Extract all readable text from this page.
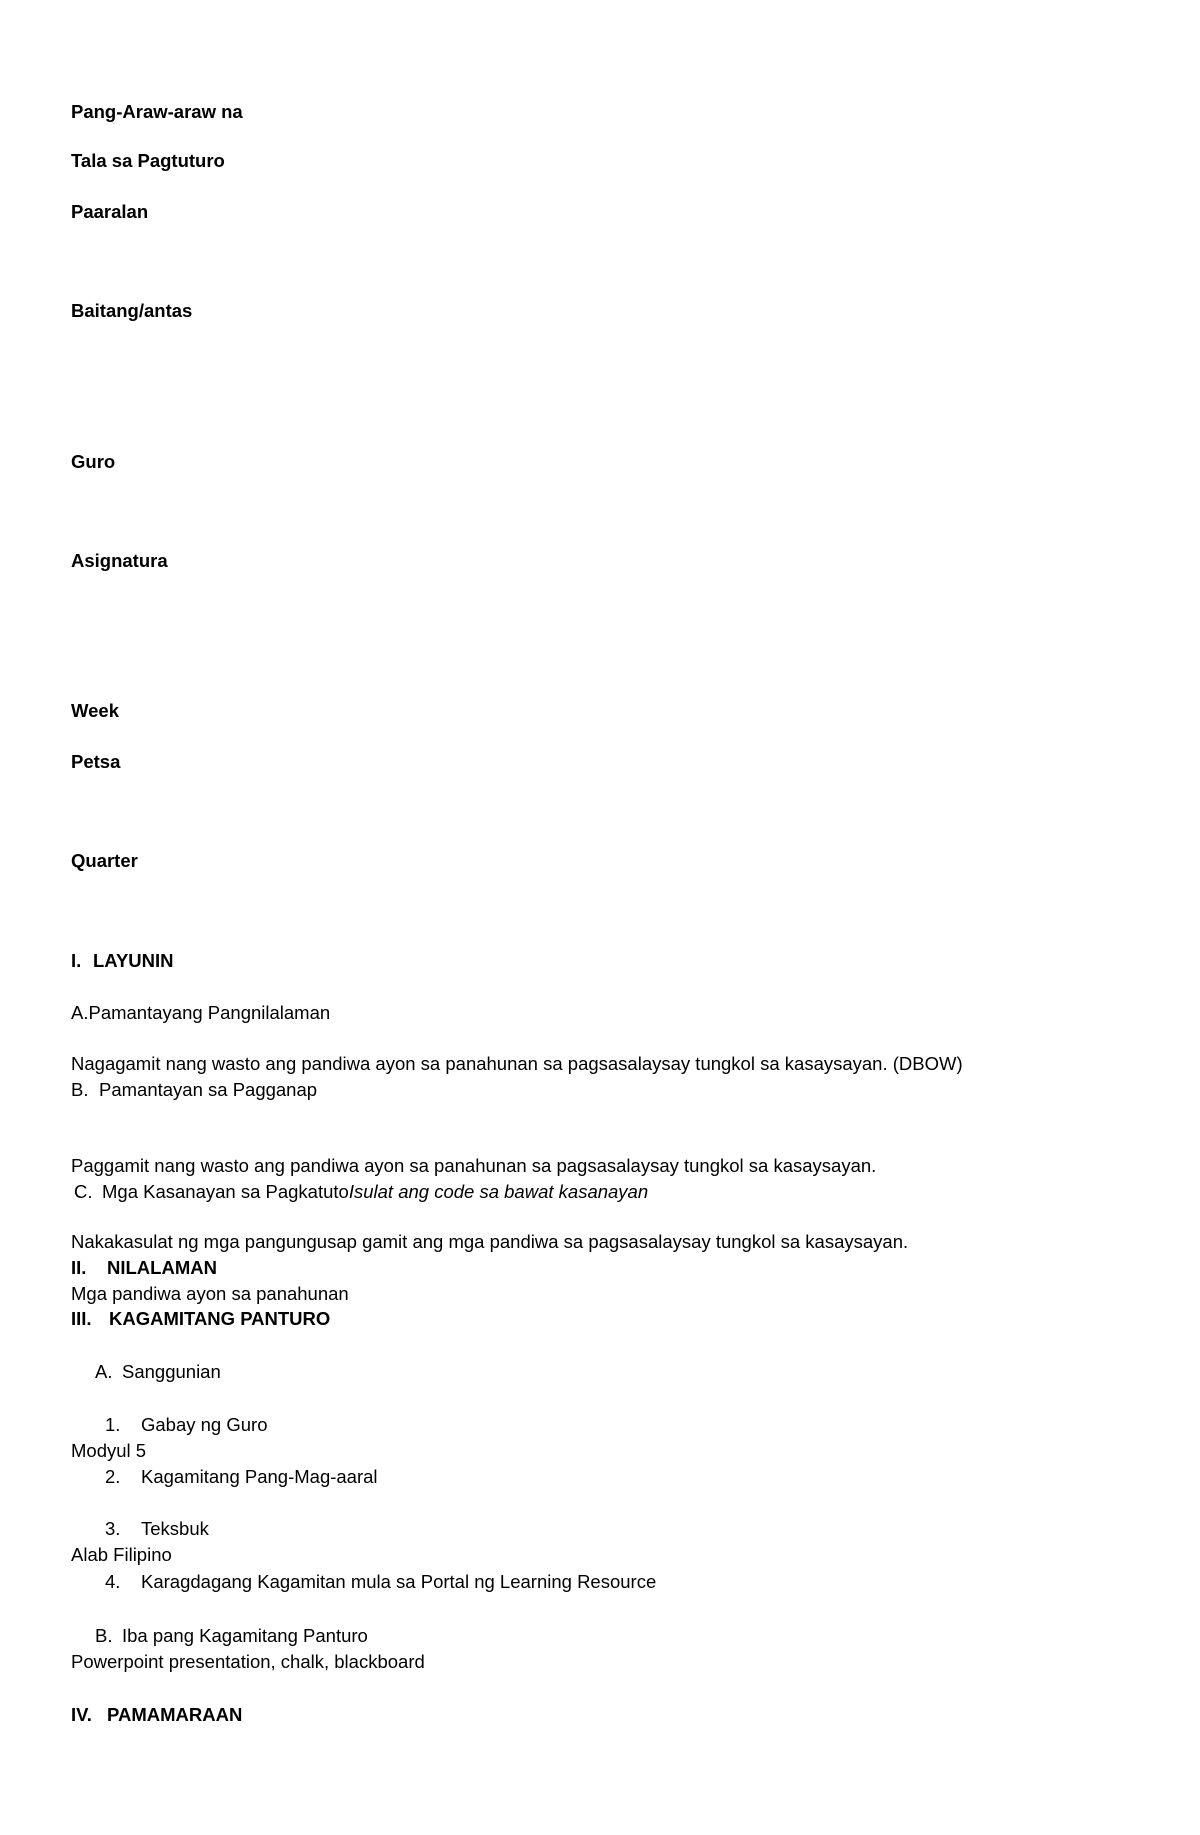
Pang-Araw-araw na
Tala sa Pagtuturo
Paaralan
Baitang/antas
Guro
Asignatura
Week
Petsa
Quarter
I. LAYUNIN
A.Pamantayang Pangnilalaman
Nagagamit nang wasto ang pandiwa ayon sa panahunan sa pagsasalaysay tungkol sa kasaysayan. (DBOW)
B. Pamantayan sa Pagganap
Paggamit nang wasto ang pandiwa ayon sa panahunan sa pagsasalaysay tungkol sa kasaysayan.
C. Mga Kasanayan sa PagkatutoIsulat ang code sa bawat kasanayan
Nakakasulat ng mga pangungusap gamit ang mga pandiwa sa pagsasalaysay tungkol sa kasaysayan.
II. NILALAMAN
Mga pandiwa ayon sa panahunan
III. KAGAMITANG PANTURO
A. Sanggunian
1. Gabay ng Guro
Modyul 5
2. Kagamitang Pang-Mag-aaral
3. Teksbuk
Alab Filipino
4. Karagdagang Kagamitan mula sa Portal ng Learning Resource
B. Iba pang Kagamitang Panturo
Powerpoint presentation, chalk, blackboard
IV. PAMAMARAAN
